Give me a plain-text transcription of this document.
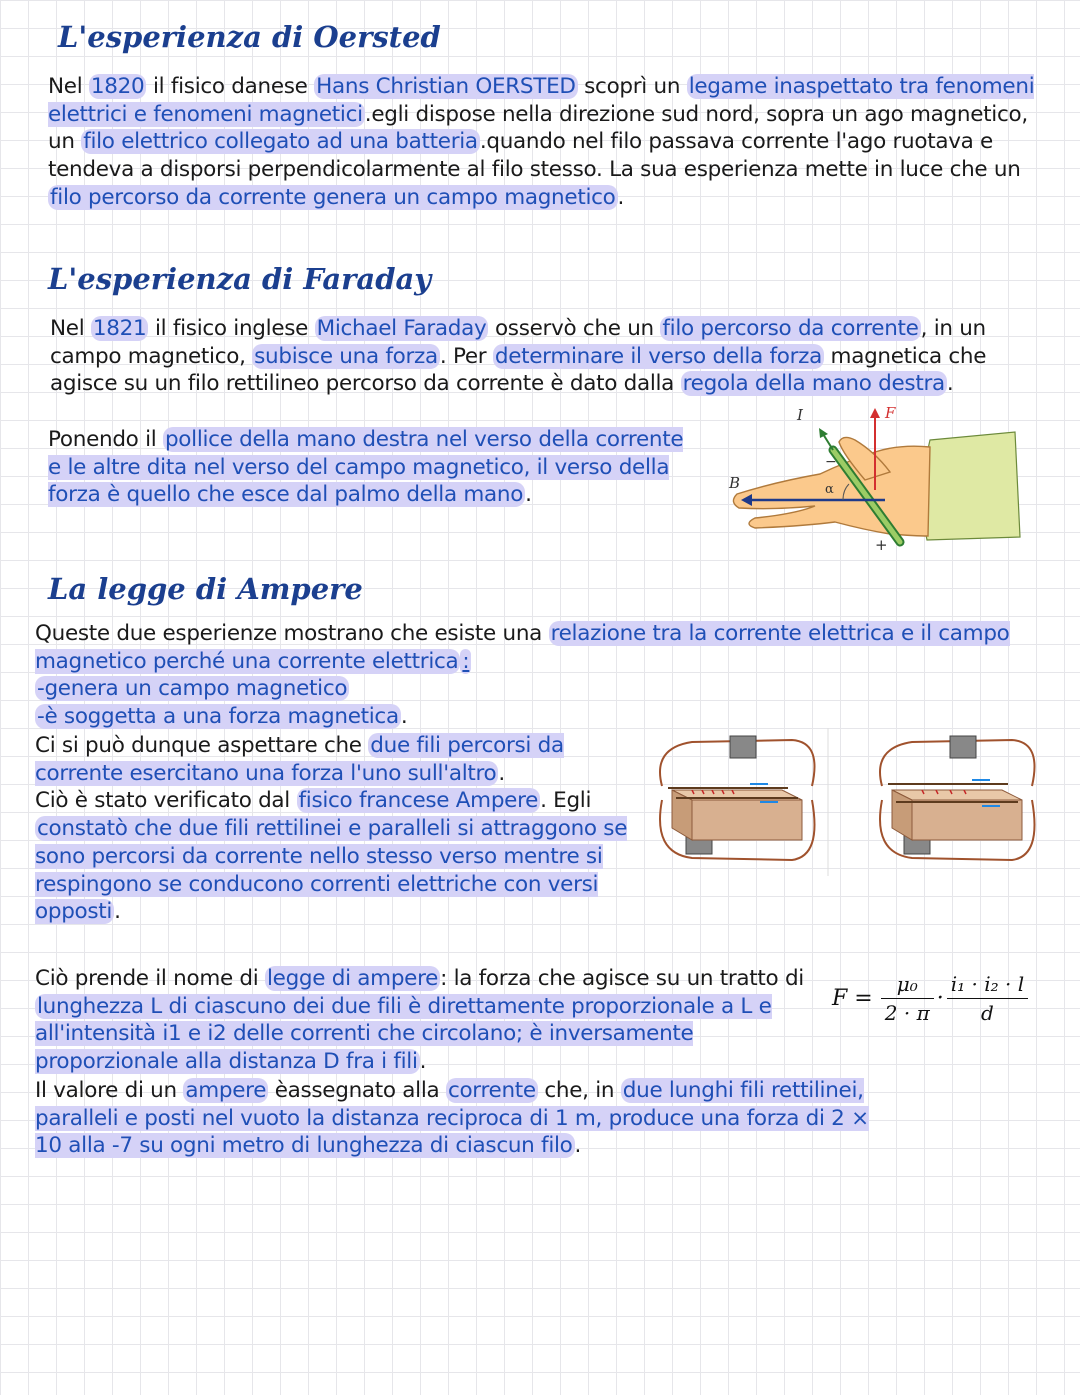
L'esperienza di Oersted

Nel 1820 il fisico danese Hans Christian OERSTED scoprì un legame inaspettato tra fenomeni elettrici e fenomeni magnetici.egli dispose nella direzione sud nord, sopra un ago magnetico, un filo elettrico collegato ad una batteria.quando nel filo passava corrente l'ago ruotava e tendeva a disporsi perpendicolarmente al filo stesso. La sua esperienza mette in luce che un filo percorso da corrente genera un campo magnetico.

L'esperienza di Faraday

Nel 1821 il fisico inglese Michael Faraday osservò che un filo percorso da corrente, in un campo magnetico, subisce una forza. Per determinare il verso della forza magnetica che agisce su un filo rettilineo percorso da corrente è dato dalla regola della mano destra.

Ponendo il pollice della mano destra nel verso della corrente e le altre dita nel verso del campo magnetico, il verso della forza è quello che esce dal palmo della mano.

I	F
B	α
−
+
La legge di Ampere

Queste due esperienze mostrano che esiste una relazione tra la corrente elettrica e il campo magnetico perché una corrente elettrica :
-genera un campo magnetico
-è soggetta a una forza magnetica.

Ci si può dunque aspettare che due fili percorsi da corrente esercitano una forza l'uno sull'altro.
Ciò è stato verificato dal fisico francese Ampere. Egli constatò che due fili rettilinei e paralleli si attraggono se sono percorsi da corrente nello stesso verso mentre si respingono se conducono correnti elettriche con versi opposti.

Ciò prende il nome di legge di ampere: la forza che agisce su un tratto di lunghezza L di ciascuno dei due fili è direttamente proporzionale a L e all'intensità i1 e i2 delle correnti che circolano; è inversamente proporzionale alla distanza D fra i fili.

Il valore di un ampere èassegnato alla corrente che, in due lunghi fili rettilinei, paralleli e posti nel vuoto la distanza reciproca di 1 m, produce una forza di 2 × 10 alla -7 su ogni metro di lunghezza di ciascun filo.

$F = \frac{\text{μ₀}}{2 \cdot \pi} \cdot \frac{\text{i₁ · i₂ · l}}{d}$
